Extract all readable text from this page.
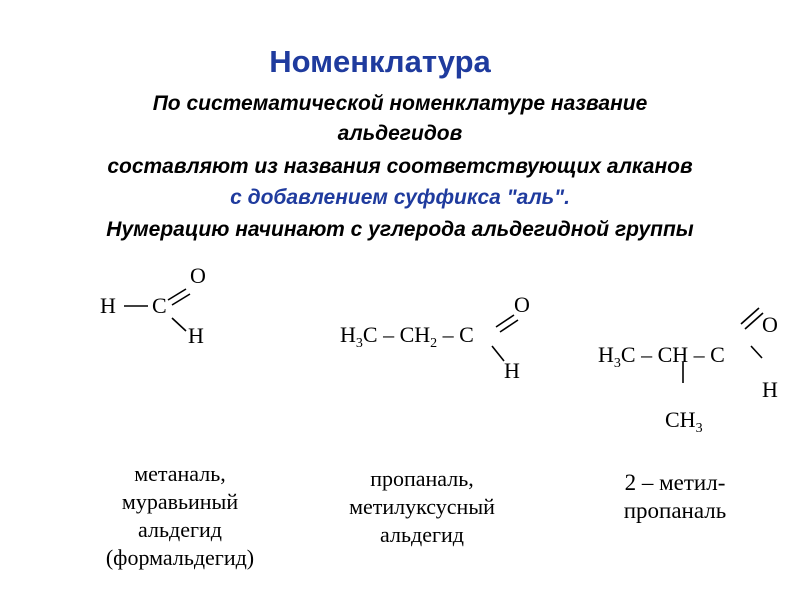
Номенклатура
По систематической номенклатуре название
альдегидов
составляют из названия соответствующих алканов
с добавлением суффикса "аль".
Нумерацию начинают с углерода альдегидной группы
H C
O
H	$H_3C - CH_2$ – C
O
H
$H_3C$ – CH – C
O
H
$CH_3$
метаналь,
муравьиный
альдегид
(формальдегид)
пропаналь,
метилуксусный
альдегид
2 – метил-
пропаналь
